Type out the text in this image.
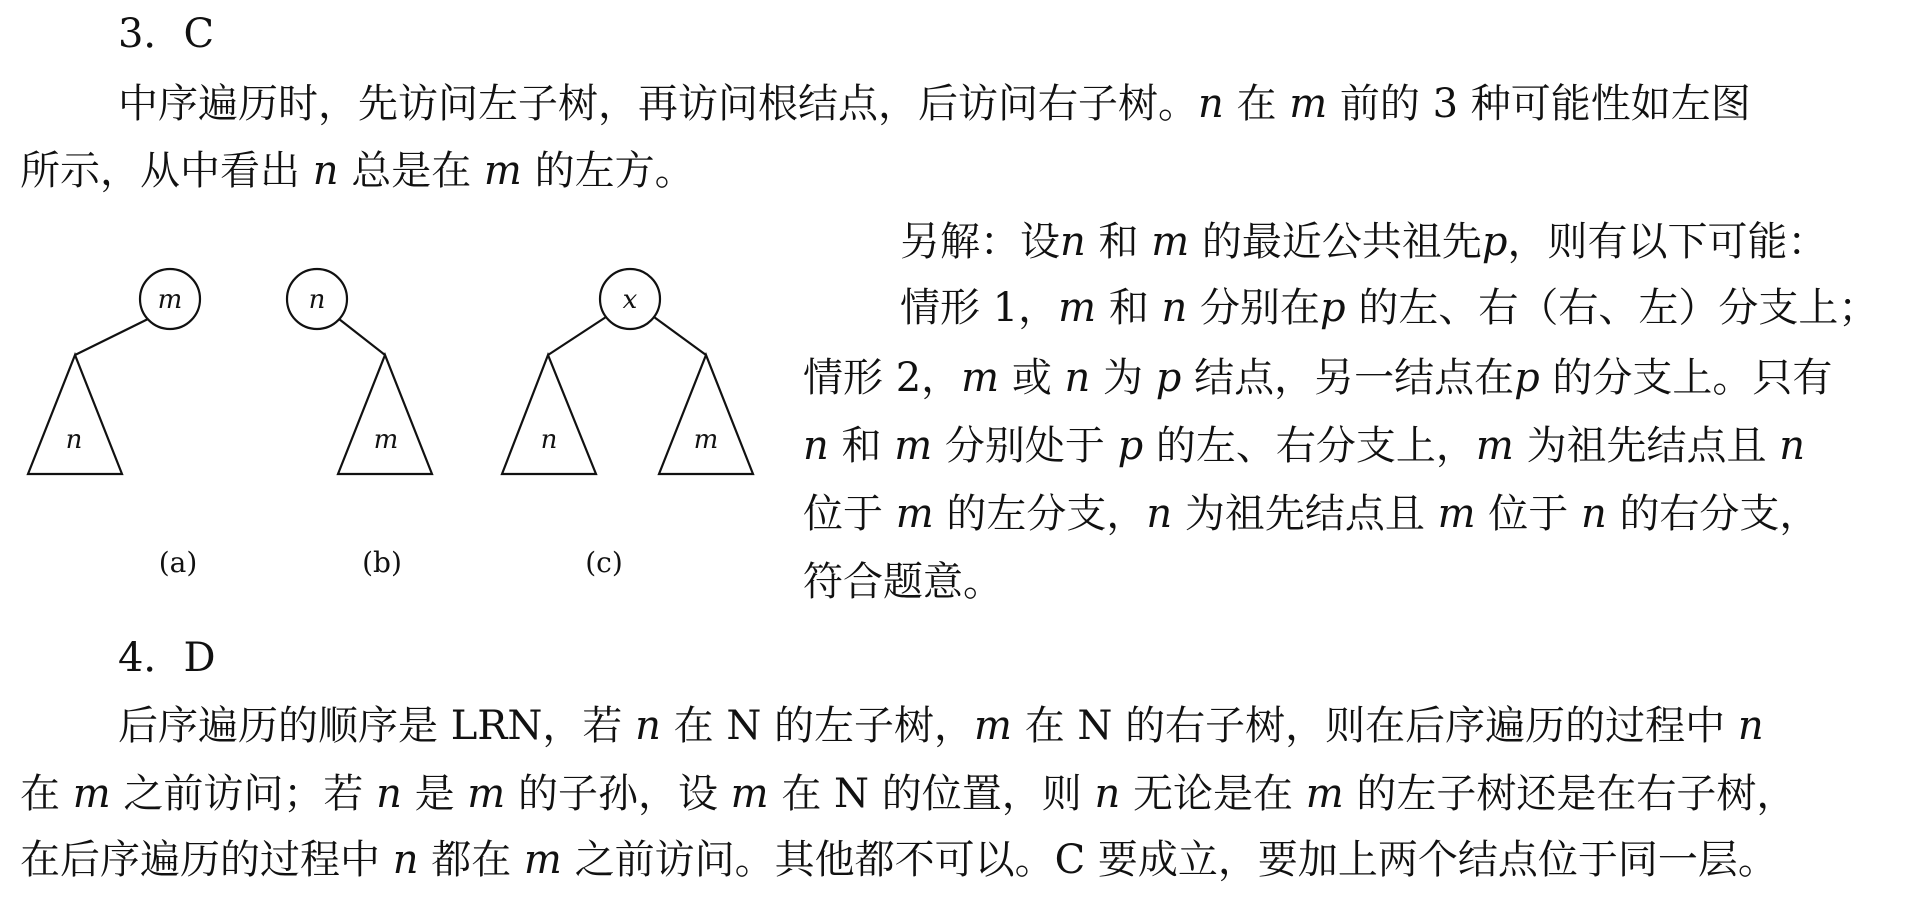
3．C
中序遍历时，先访问左子树，再访问根结点，后访问右子树。n 在 m 前的 3 种可能性如左图
所示，从中看出 n 总是在 m 的左方。
m
n
n
m
x
n	m
(a)	(b)	(c)
另解：设n 和 m 的最近公共祖先p，则有以下可能：
情形 1，m 和 n 分别在p 的左、右（右、左）分支上；
情形 2，m 或 n 为 p 结点，另一结点在p 的分支上。只有
n 和 m 分别处于 p 的左、右分支上，m 为祖先结点且 n
位于 m 的左分支，n 为祖先结点且 m 位于 n 的右分支，
符合题意。
4．D
后序遍历的顺序是 LRN，若 n 在 N 的左子树，m 在 N 的右子树，则在后序遍历的过程中 n
在 m 之前访问；若 n 是 m 的子孙，设 m 在 N 的位置，则 n 无论是在 m 的左子树还是在右子树，
在后序遍历的过程中 n 都在 m 之前访问。其他都不可以。C 要成立，要加上两个结点位于同一层。
